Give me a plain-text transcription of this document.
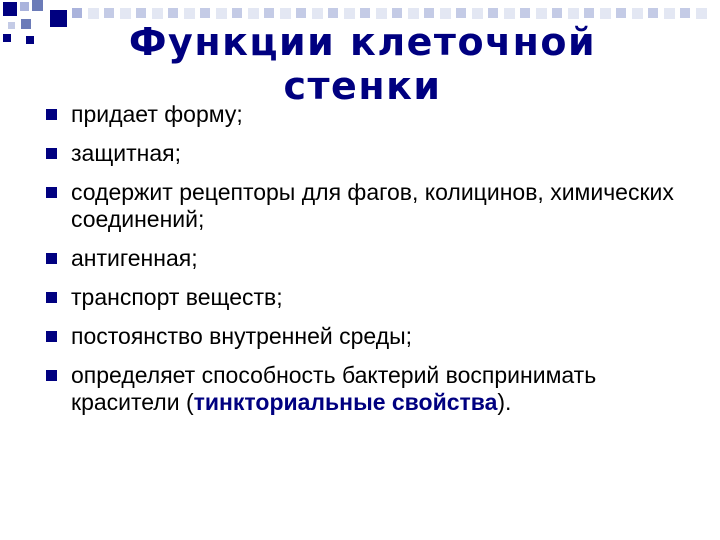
Функции клеточной
стенки
придает форму;
защитная;
содержит рецепторы для фагов, колицинов, химических соединений;
антигенная;
транспорт веществ;
постоянство внутренней среды;
определяет способность бактерий воспринимать красители (тинкториальные свойства).
